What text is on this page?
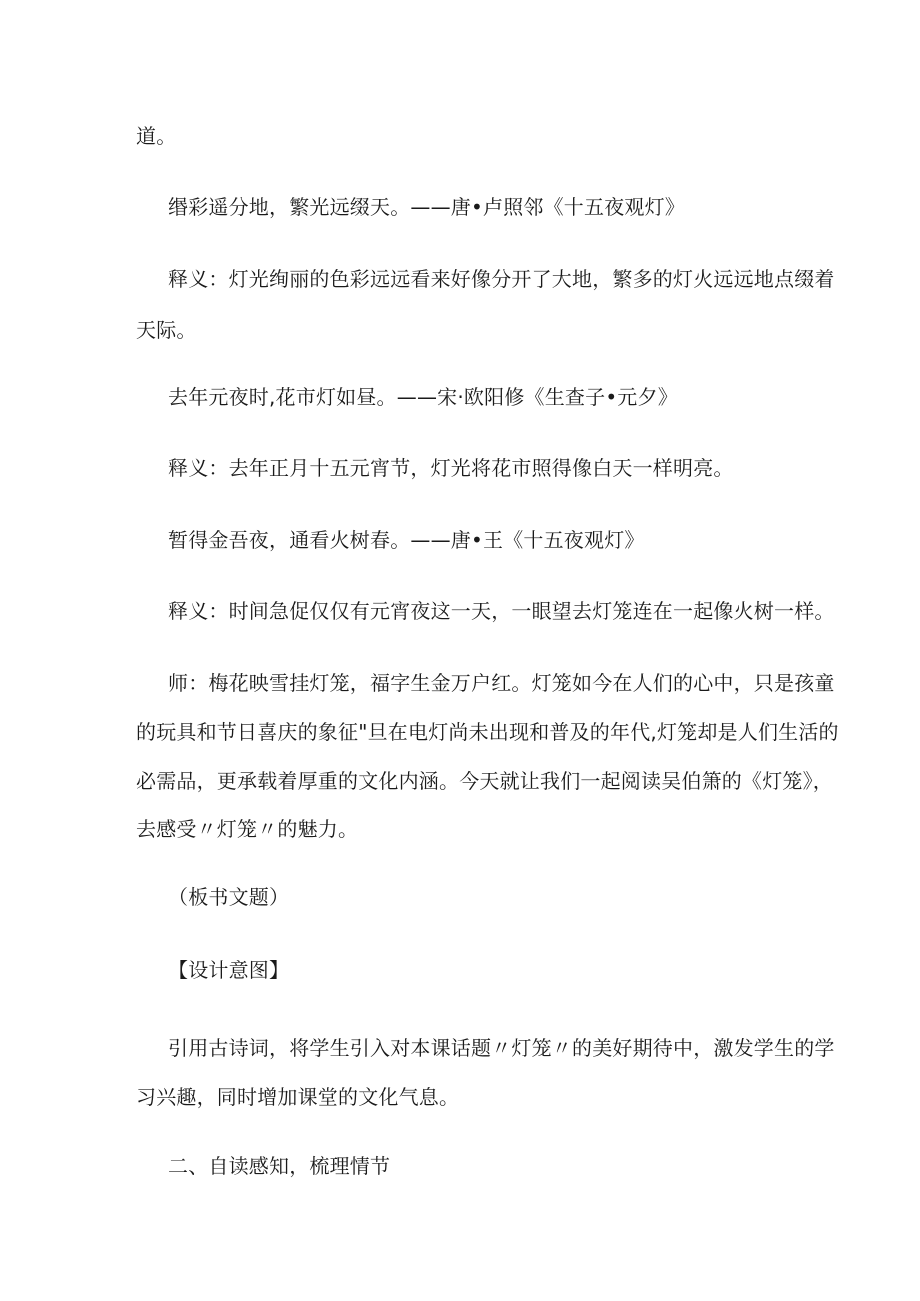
道。
缗彩遥分地，繁光远缀天。——唐•卢照邻《十五夜观灯》
释义：灯光绚丽的色彩远远看来好像分开了大地，繁多的灯火远远地点缀着
天际。
去年元夜时,花市灯如昼。——宋·欧阳修《生查子•元夕》
释义：去年正月十五元宵节，灯光将花市照得像白天一样明亮。
暂得金吾夜，通看火树春。——唐•王《十五夜观灯》
释义：时间急促仅仅有元宵夜这一天，一眼望去灯笼连在一起像火树一样。
师：梅花映雪挂灯笼，福字生金万户红。灯笼如今在人们的心中，只是孩童
的玩具和节日喜庆的象征"旦在电灯尚未出现和普及的年代,灯笼却是人们生活的
必需品，更承载着厚重的文化内涵。今天就让我们一起阅读吴伯箫的《灯笼》，
去感受〃灯笼〃的魅力。
（板书文题）
【设计意图】
引用古诗词，将学生引入对本课话题〃灯笼〃的美好期待中，激发学生的学
习兴趣，同时增加课堂的文化气息。
二、自读感知，梳理情节
